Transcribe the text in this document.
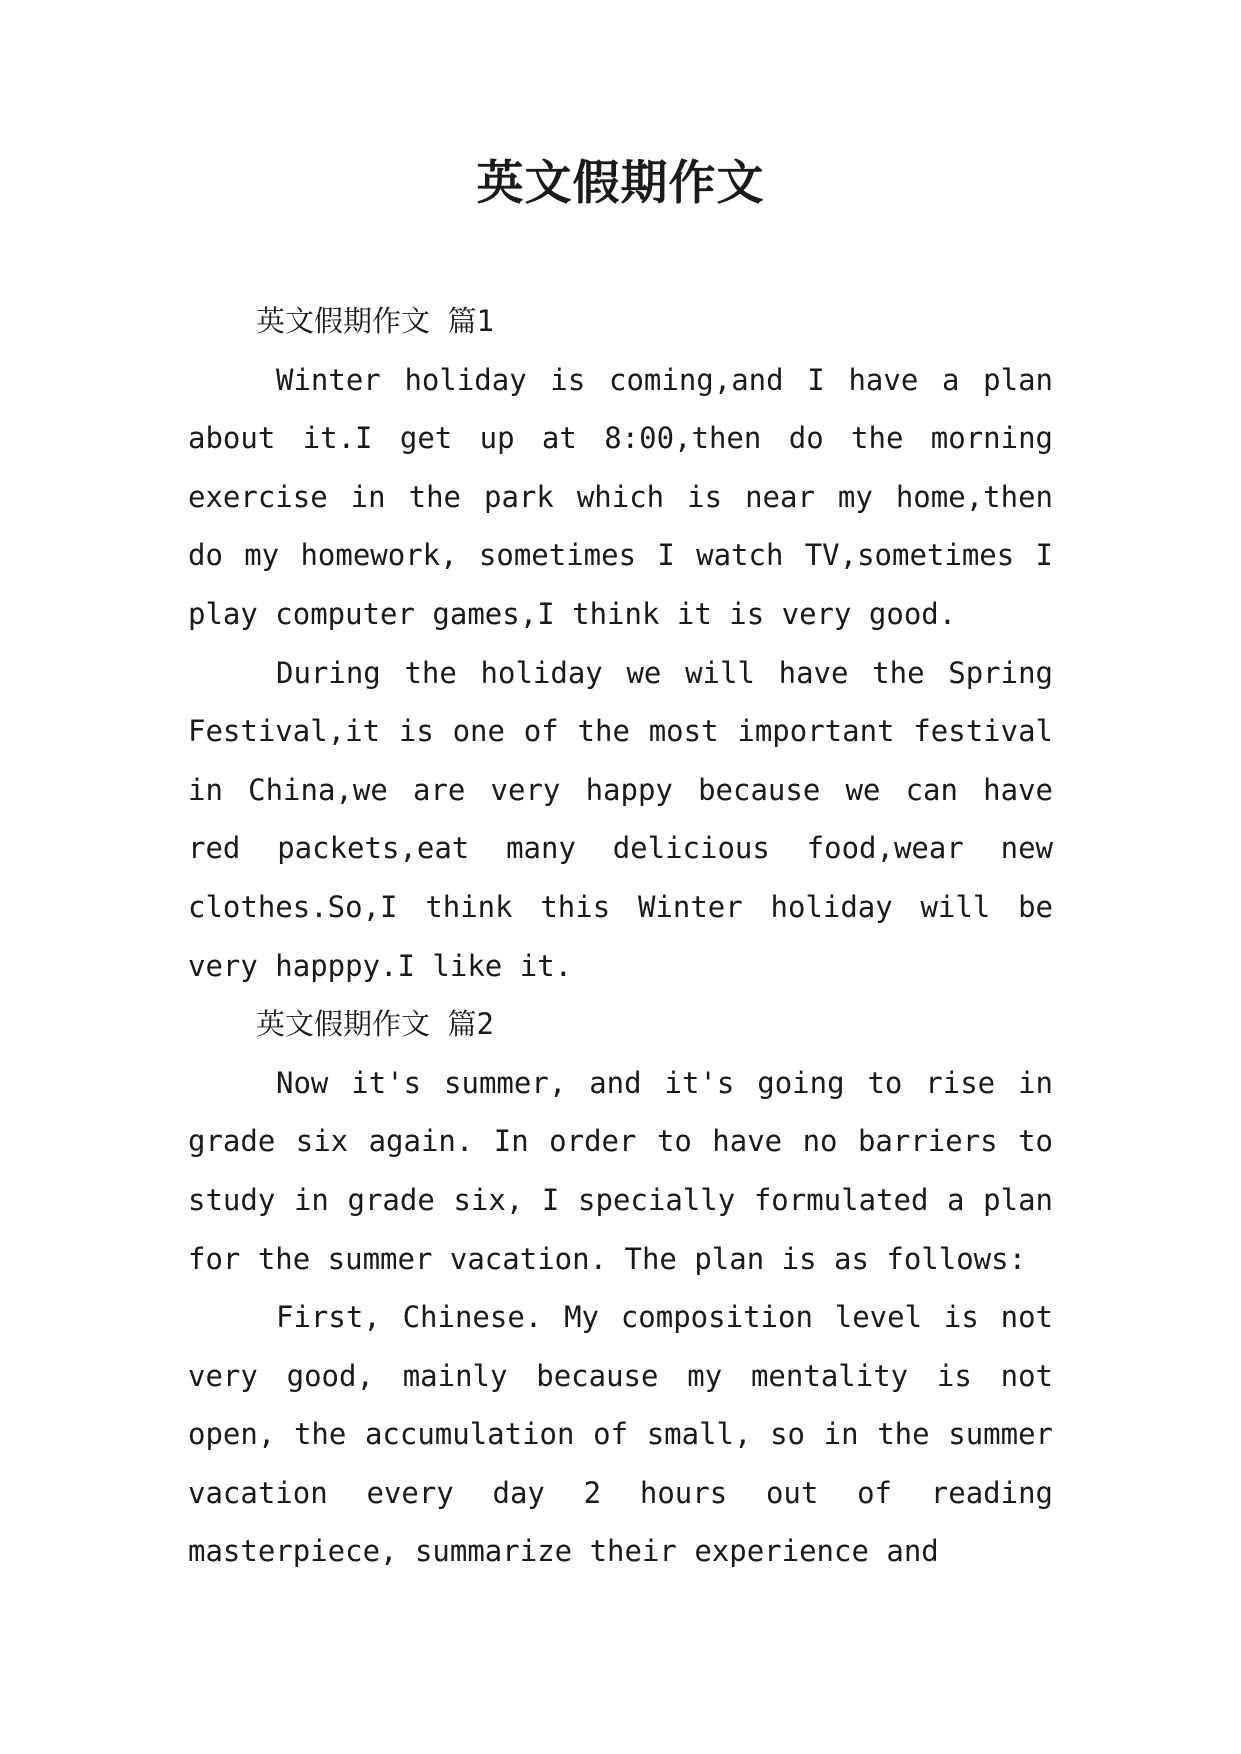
英文假期作文
英文假期作文 篇1

Winter holiday is coming,and I have a plan about it.I get up at 8:00,then do the morning exercise in the park which is near my home,then do my homework, sometimes I watch TV,sometimes I play computer games,I think it is very good.

During the holiday we will have the Spring Festival,it is one of the most important festival in China,we are very happy because we can have red packets,eat many delicious food,wear new clothes.So,I think this Winter holiday will be very happpy.I like it.

英文假期作文 篇2

Now it's summer, and it's going to rise in grade six again. In order to have no barriers to study in grade six, I specially formulated a plan for the summer vacation. The plan is as follows:

First, Chinese. My composition level is not very good, mainly because my mentality is not open, the accumulation of small, so in the summer vacation every day 2 hours out of reading masterpiece, summarize their experience and
